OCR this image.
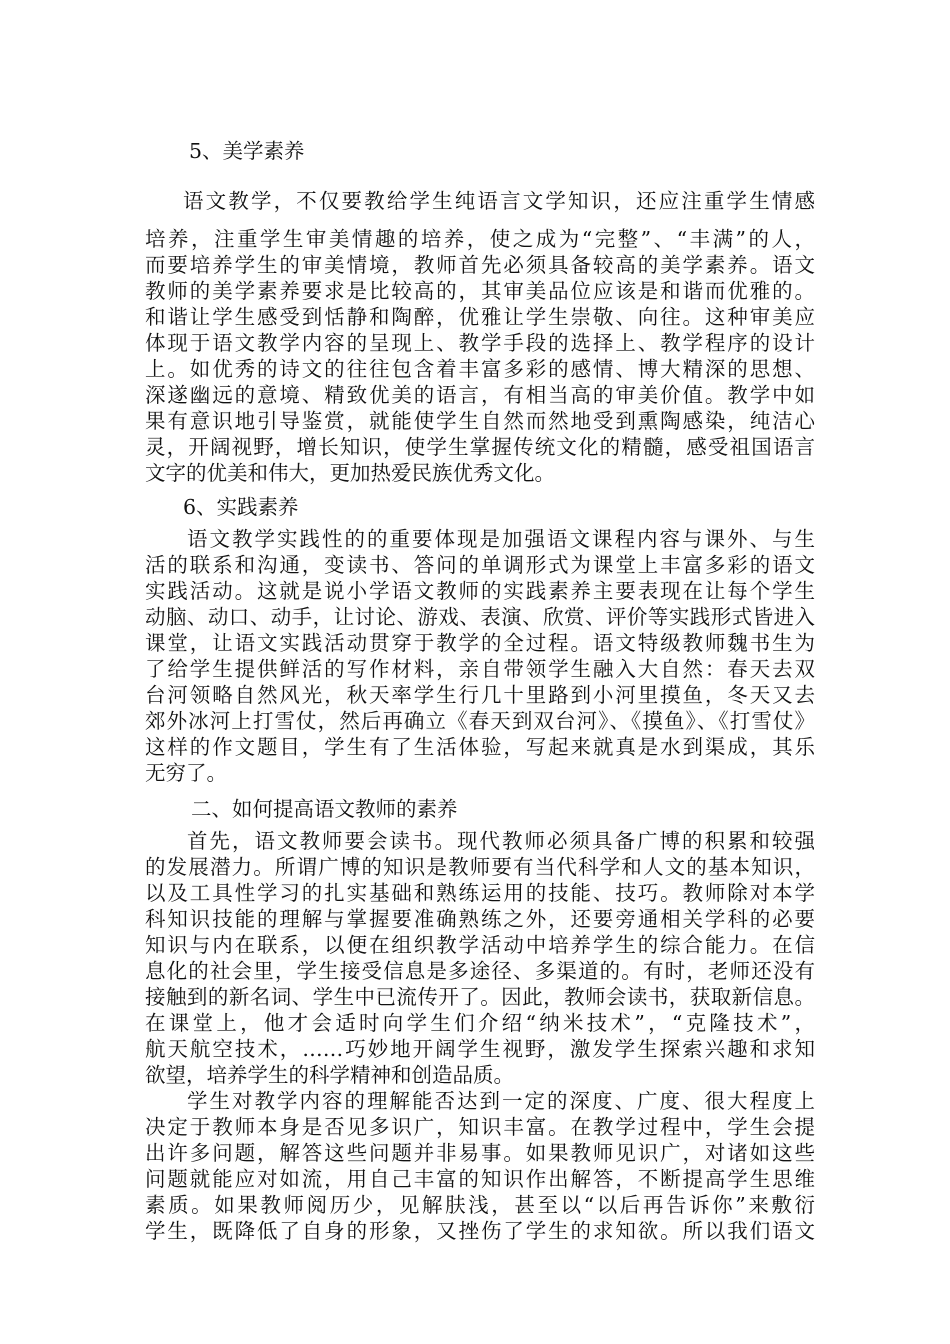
5、美学素养
语文教学，不仅要教给学生纯语言文学知识，还应注重学生情感
培养，注重学生审美情趣的培养，使之成为“完整”、“丰满”的人，
而要培养学生的审美情境，教师首先必须具备较高的美学素养。语文
教师的美学素养要求是比较高的，其审美品位应该是和谐而优雅的。
和谐让学生感受到恬静和陶醉，优雅让学生崇敬、向往。这种审美应
体现于语文教学内容的呈现上、教学手段的选择上、教学程序的设计
上。如优秀的诗文的往往包含着丰富多彩的感情、博大精深的思想、
深遂幽远的意境、精致优美的语言，有相当高的审美价值。教学中如
果有意识地引导鉴赏，就能使学生自然而然地受到熏陶感染，纯洁心
灵，开阔视野，增长知识，使学生掌握传统文化的精髓，感受祖国语言
文字的优美和伟大，更加热爱民族优秀文化。
6、实践素养
语文教学实践性的的重要体现是加强语文课程内容与课外、与生
活的联系和沟通，变读书、答问的单调形式为课堂上丰富多彩的语文
实践活动。这就是说小学语文教师的实践素养主要表现在让每个学生
动脑、动口、动手，让讨论、游戏、表演、欣赏、评价等实践形式皆进入
课堂，让语文实践活动贯穿于教学的全过程。语文特级教师魏书生为
了给学生提供鲜活的写作材料，亲自带领学生融入大自然：春天去双
台河领略自然风光，秋天率学生行几十里路到小河里摸鱼，冬天又去
郊外冰河上打雪仗，然后再确立《春天到双台河》、《摸鱼》、《打雪仗》
这样的作文题目，学生有了生活体验，写起来就真是水到渠成，其乐
无穷了。
二、如何提高语文教师的素养
首先，语文教师要会读书。现代教师必须具备广博的积累和较强
的发展潜力。所谓广博的知识是教师要有当代科学和人文的基本知识，
以及工具性学习的扎实基础和熟练运用的技能、技巧。教师除对本学
科知识技能的理解与掌握要准确熟练之外，还要旁通相关学科的必要
知识与内在联系，以便在组织教学活动中培养学生的综合能力。在信
息化的社会里，学生接受信息是多途径、多渠道的。有时，老师还没有
接触到的新名词、学生中已流传开了。因此，教师会读书，获取新信息。
在课堂上，他才会适时向学生们介绍“纳米技术”，“克隆技术”，
航天航空技术，……巧妙地开阔学生视野，激发学生探索兴趣和求知
欲望，培养学生的科学精神和创造品质。
学生对教学内容的理解能否达到一定的深度、广度、很大程度上
决定于教师本身是否见多识广，知识丰富。在教学过程中，学生会提
出许多问题，解答这些问题并非易事。如果教师见识广，对诸如这些
问题就能应对如流，用自己丰富的知识作出解答，不断提高学生思维
素质。如果教师阅历少，见解肤浅，甚至以“以后再告诉你”来敷衍
学生，既降低了自身的形象，又挫伤了学生的求知欲。所以我们语文
